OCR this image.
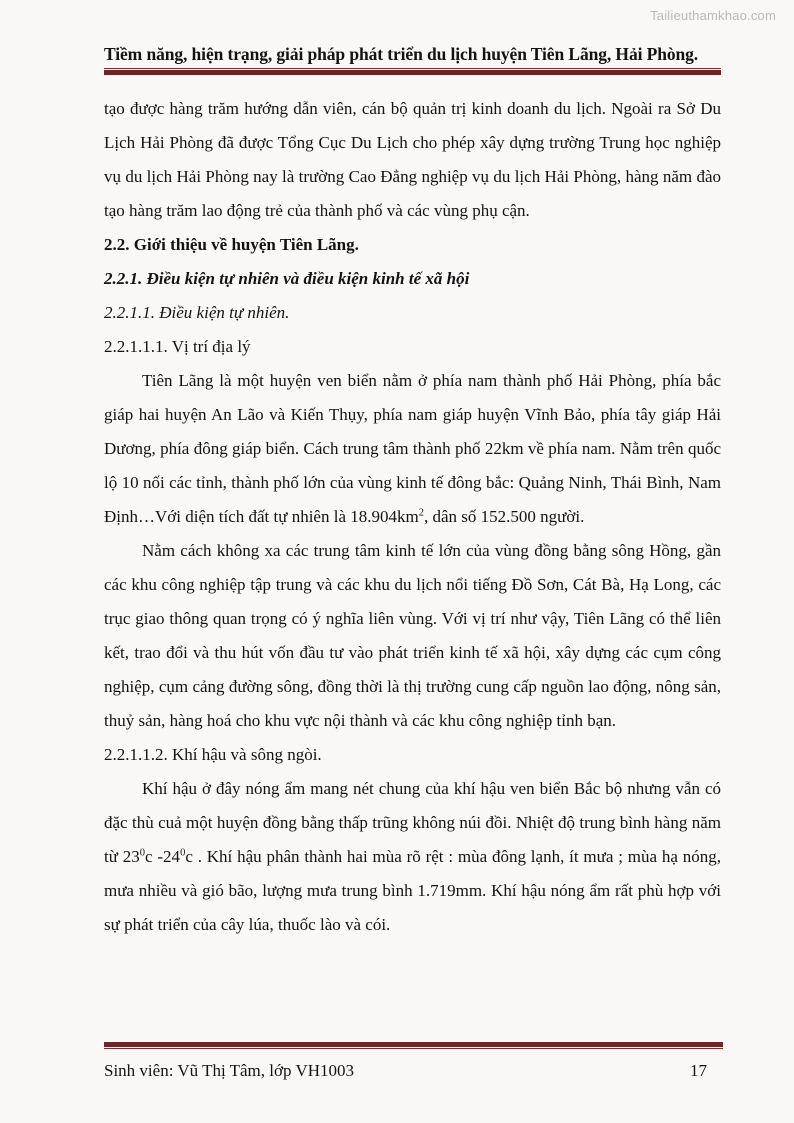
Tailieuthamkhao.com
Tiềm năng, hiện trạng, giải pháp phát triển du lịch huyện Tiên Lãng, Hải Phòng.

tạo được hàng trăm hướng dẫn viên, cán bộ quản trị kinh doanh du lịch. Ngoài ra Sở Du Lịch Hải Phòng đã được Tổng Cục Du Lịch cho phép xây dựng trường Trung học nghiệp vụ du lịch Hải Phòng nay là trường Cao Đẳng nghiệp vụ du lịch Hải Phòng, hàng năm đào tạo hàng trăm lao động trẻ của thành phố và các vùng phụ cận.

2.2. Giới thiệu về huyện Tiên Lãng.

2.2.1. Điều kiện tự nhiên và điều kiện kinh tế xã hội

2.2.1.1. Điều kiện tự nhiên.

2.2.1.1.1. Vị trí địa lý

Tiên Lãng là một huyện ven biển nằm ở phía nam thành phố Hải Phòng, phía bắc giáp hai huyện An Lão và Kiến Thụy, phía nam giáp huyện Vĩnh Bảo, phía tây giáp Hải Dương, phía đông giáp biển. Cách trung tâm thành phố 22km về phía nam. Nằm trên quốc lộ 10 nối các tỉnh, thành phố lớn của vùng kinh tế đông bắc: Quảng Ninh, Thái Bình, Nam Định…Với diện tích đất tự nhiên là $18.904km^2$, dân số 152.500 người.

Nằm cách không xa các trung tâm kinh tế lớn của vùng đồng bằng sông Hồng, gần các khu công nghiệp tập trung và các khu du lịch nổi tiếng Đồ Sơn, Cát Bà, Hạ Long, các trục giao thông quan trọng có ý nghĩa liên vùng. Với vị trí như vậy, Tiên Lãng có thể liên kết, trao đổi và thu hút vốn đầu tư vào phát triển kinh tế xã hội, xây dựng các cụm công nghiệp, cụm cảng đường sông, đồng thời là thị trường cung cấp nguồn lao động, nông sản, thuỷ sản, hàng hoá cho khu vực nội thành và các khu công nghiệp tỉnh bạn.

2.2.1.1.2. Khí hậu và sông ngòi.

Khí hậu ở đây nóng ẩm mang nét chung của khí hậu ven biển Bắc bộ nhưng vẫn có đặc thù cuả một huyện đồng bằng thấp trũng không núi đồi. Nhiệt độ trung bình hàng năm từ $23^0c$ $-24^0c$ . Khí hậu phân thành hai mùa rõ rệt : mùa đông lạnh, ít mưa ; mùa hạ nóng, mưa nhiều và gió bão, lượng mưa trung bình 1.719mm. Khí hậu nóng ẩm rất phù hợp với sự phát triển của cây lúa, thuốc lào và cói.

Sinh viên: Vũ Thị Tâm, lớp VH1003	17
